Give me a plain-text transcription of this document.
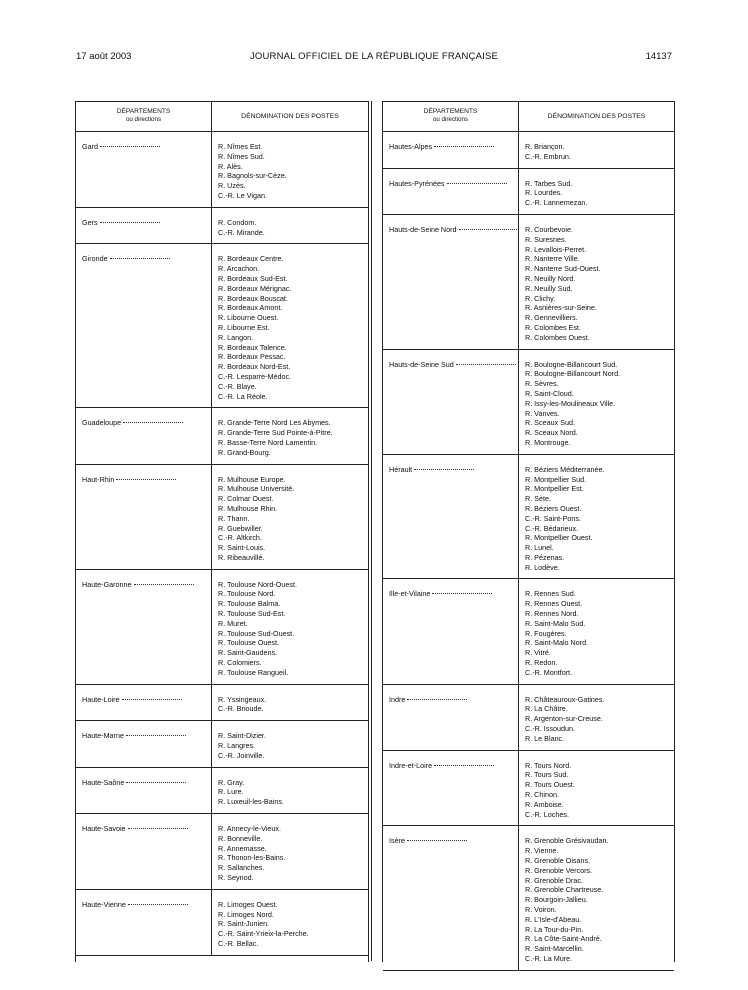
17 août 2003	JOURNAL OFFICIEL DE LA RÉPUBLIQUE FRANÇAISE	14137
DÉPARTEMENTS
ou directions	DÉNOMINATION DES POSTES
Gard	R. Nîmes Est.
R. Nîmes Sud.
R. Alès.
R. Bagnols-sur-Cèze.
R. Uzès.
C.-R. Le Vigan.
Gers	R. Condom.
C.-R. Mirande.
Gironde	R. Bordeaux Centre.
R. Arcachon.
R. Bordeaux Sud-Est.
R. Bordeaux Mérignac.
R. Bordeaux Bouscat.
R. Bordeaux Amont.
R. Libourne Ouest.
R. Libourne Est.
R. Langon.
R. Bordeaux Talence.
R. Bordeaux Pessac.
R. Bordeaux Nord-Est.
C.-R. Lesparre-Médoc.
C.-R. Blaye.
C.-R. La Réole.
Guadeloupe	R. Grande-Terre Nord Les Abymes.
R. Grande-Terre Sud Pointe-à-Pitre.
R. Basse-Terre Nord Lamentin.
R. Grand-Bourg.
Haut-Rhin	R. Mulhouse Europe.
R. Mulhouse Université.
R. Colmar Ouest.
R. Mulhouse Rhin.
R. Thann.
R. Guebwiller.
C.-R. Altkirch.
R. Saint-Louis.
R. Ribeauvillé.
Haute-Garonne	R. Toulouse Nord-Ouest.
R. Toulouse Nord.
R. Toulouse Balma.
R. Toulouse Sud-Est.
R. Muret.
R. Toulouse Sud-Ouest.
R. Toulouse Ouest.
R. Saint-Gaudens.
R. Colomiers.
R. Toulouse Rangueil.
Haute-Loire	R. Yssingeaux.
C.-R. Brioude.
Haute-Marne	R. Saint-Dizier.
R. Langres.
C.-R. Joinville.
Haute-Saône	R. Gray.
R. Lure.
R. Luxeuil-les-Bains.
Haute-Savoie	R. Annecy-le-Vieux.
R. Bonneville.
R. Annemasse.
R. Thonon-les-Bains.
R. Sallanches.
R. Seynod.
Haute-Vienne	R. Limoges Ouest.
R. Limoges Nord.
R. Saint-Junien.
C.-R. Saint-Yrieix-la-Perche.
C.-R. Bellac.
DÉPARTEMENTS
ou directions	DÉNOMINATION DES POSTES
Hautes-Alpes	R. Briançon.
C.-R. Embrun.
Hautes-Pyrénées	R. Tarbes Sud.
R. Lourdes.
C.-R. Lannemezan.
Hauts-de-Seine Nord	R. Courbevoie.
R. Suresnes.
R. Levallois-Perret.
R. Nanterre Ville.
R. Nanterre Sud-Ouest.
R. Neuilly Nord.
R. Neuilly Sud.
R. Clichy.
R. Asnières-sur-Seine.
R. Gennevilliers.
R. Colombes Est.
R. Colombes Ouest.
Hauts-de-Seine Sud	R. Boulogne-Billancourt Sud.
R. Boulogne-Billancourt Nord.
R. Sèvres.
R. Saint-Cloud.
R. Issy-les-Moulineaux Ville.
R. Vanves.
R. Sceaux Sud.
R. Sceaux Nord.
R. Montrouge.
Hérault	R. Béziers Méditerranée.
R. Montpellier Sud.
R. Montpellier Est.
R. Sète.
R. Béziers Ouest.
C.-R. Saint-Pons.
C.-R. Bédarieux.
R. Montpellier Ouest.
R. Lunel.
R. Pézenas.
R. Lodève.
Ille-et-Vilaine	R. Rennes Sud.
R. Rennes Ouest.
R. Rennes Nord.
R. Saint-Malo Sud.
R. Fougères.
R. Saint-Malo Nord.
R. Vitré.
R. Redon.
C.-R. Montfort.
Indre	R. Châteauroux-Gatines.
R. La Châtre.
R. Argenton-sur-Creuse.
C.-R. Issoudun.
R. Le Blanc.
Indre-et-Loire	R. Tours Nord.
R. Tours Sud.
R. Tours Ouest.
R. Chinon.
R. Amboise.
C.-R. Loches.
Isère	R. Grenoble Grésivaudan.
R. Vienne.
R. Grenoble Oisans.
R. Grenoble Vercors.
R. Grenoble Drac.
R. Grenoble Chartreuse.
R. Bourgoin-Jallieu.
R. Voiron.
R. L'Isle-d'Abeau.
R. La Tour-du-Pin.
R. La Côte-Saint-André.
R. Saint-Marcellin.
C.-R. La Mure.
